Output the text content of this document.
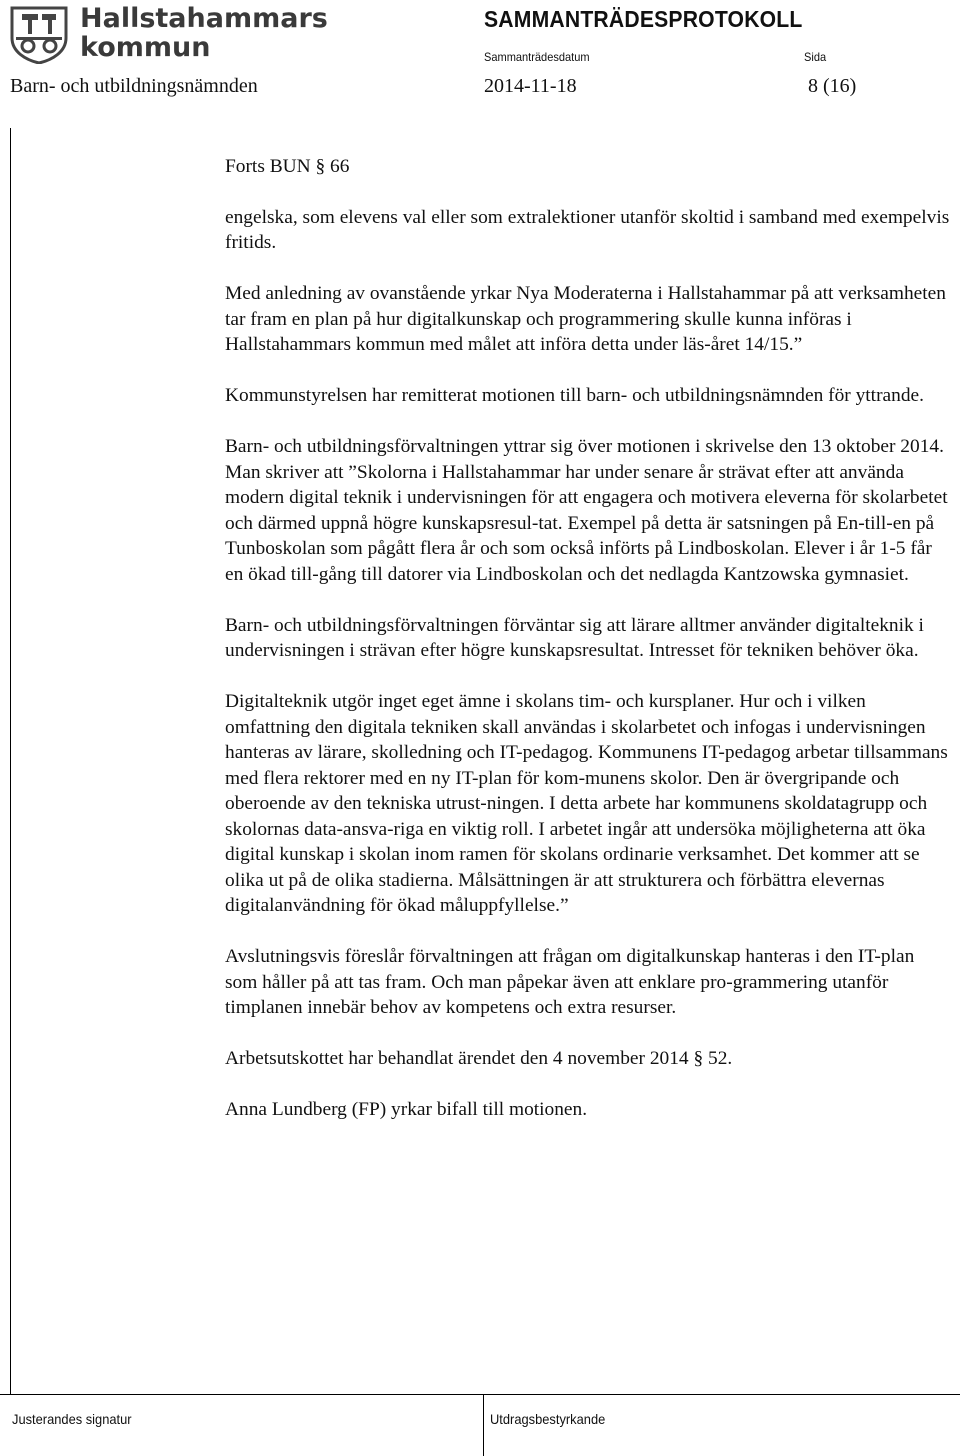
Hallstahammars
kommun
SAMMANTRÄDESPROTOKOLL
Sammanträdesdatum	Sida
Barn- och utbildningsnämnden	2014-11-18	8 (16)

Forts BUN § 66

engelska, som elevens val eller som extralektioner utanför skoltid i samband med exempelvis fritids.

Med anledning av ovanstående yrkar Nya Moderaterna i Hallstahammar på att verksamheten tar fram en plan på hur digitalkunskap och programmering skulle kunna införas i Hallstahammars kommun med målet att införa detta under läs-året 14/15.”

Kommunstyrelsen har remitterat motionen till barn- och utbildningsnämnden för yttrande.

Barn- och utbildningsförvaltningen yttrar sig över motionen i skrivelse den 13 oktober 2014. Man skriver att ”Skolorna i Hallstahammar har under senare år strävat efter att använda modern digital teknik i undervisningen för att engagera och motivera eleverna för skolarbetet och därmed uppnå högre kunskapsresul-tat. Exempel på detta är satsningen på En-till-en på Tunboskolan som pågått flera år och som också införts på Lindboskolan. Elever i år 1-5 får en ökad till-gång till datorer via Lindboskolan och det nedlagda Kantzowska gymnasiet.

Barn- och utbildningsförvaltningen förväntar sig att lärare alltmer använder digitalteknik i undervisningen i strävan efter högre kunskapsresultat. Intresset för tekniken behöver öka.

Digitalteknik utgör inget eget ämne i skolans tim- och kursplaner. Hur och i vilken omfattning den digitala tekniken skall användas i skolarbetet och infogas i undervisningen hanteras av lärare, skolledning och IT-pedagog. Kommunens IT-pedagog arbetar tillsammans med flera rektorer med en ny IT-plan för kom-munens skolor. Den är övergripande och oberoende av den tekniska utrust-ningen. I detta arbete har kommunens skoldatagrupp och skolornas data-ansva-riga en viktig roll. I arbetet ingår att undersöka möjligheterna att öka digital kunskap i skolan inom ramen för skolans ordinarie verksamhet. Det kommer att se olika ut på de olika stadierna. Målsättningen är att strukturera och förbättra elevernas digitalanvändning för ökad måluppfyllelse.”

Avslutningsvis föreslår förvaltningen att frågan om digitalkunskap hanteras i den IT-plan som håller på att tas fram. Och man påpekar även att enklare pro-grammering utanför timplanen innebär behov av kompetens och extra resurser.

Arbetsutskottet har behandlat ärendet den 4 november 2014 § 52.

Anna Lundberg (FP) yrkar bifall till motionen.

Justerandes signatur	Utdragsbestyrkande
